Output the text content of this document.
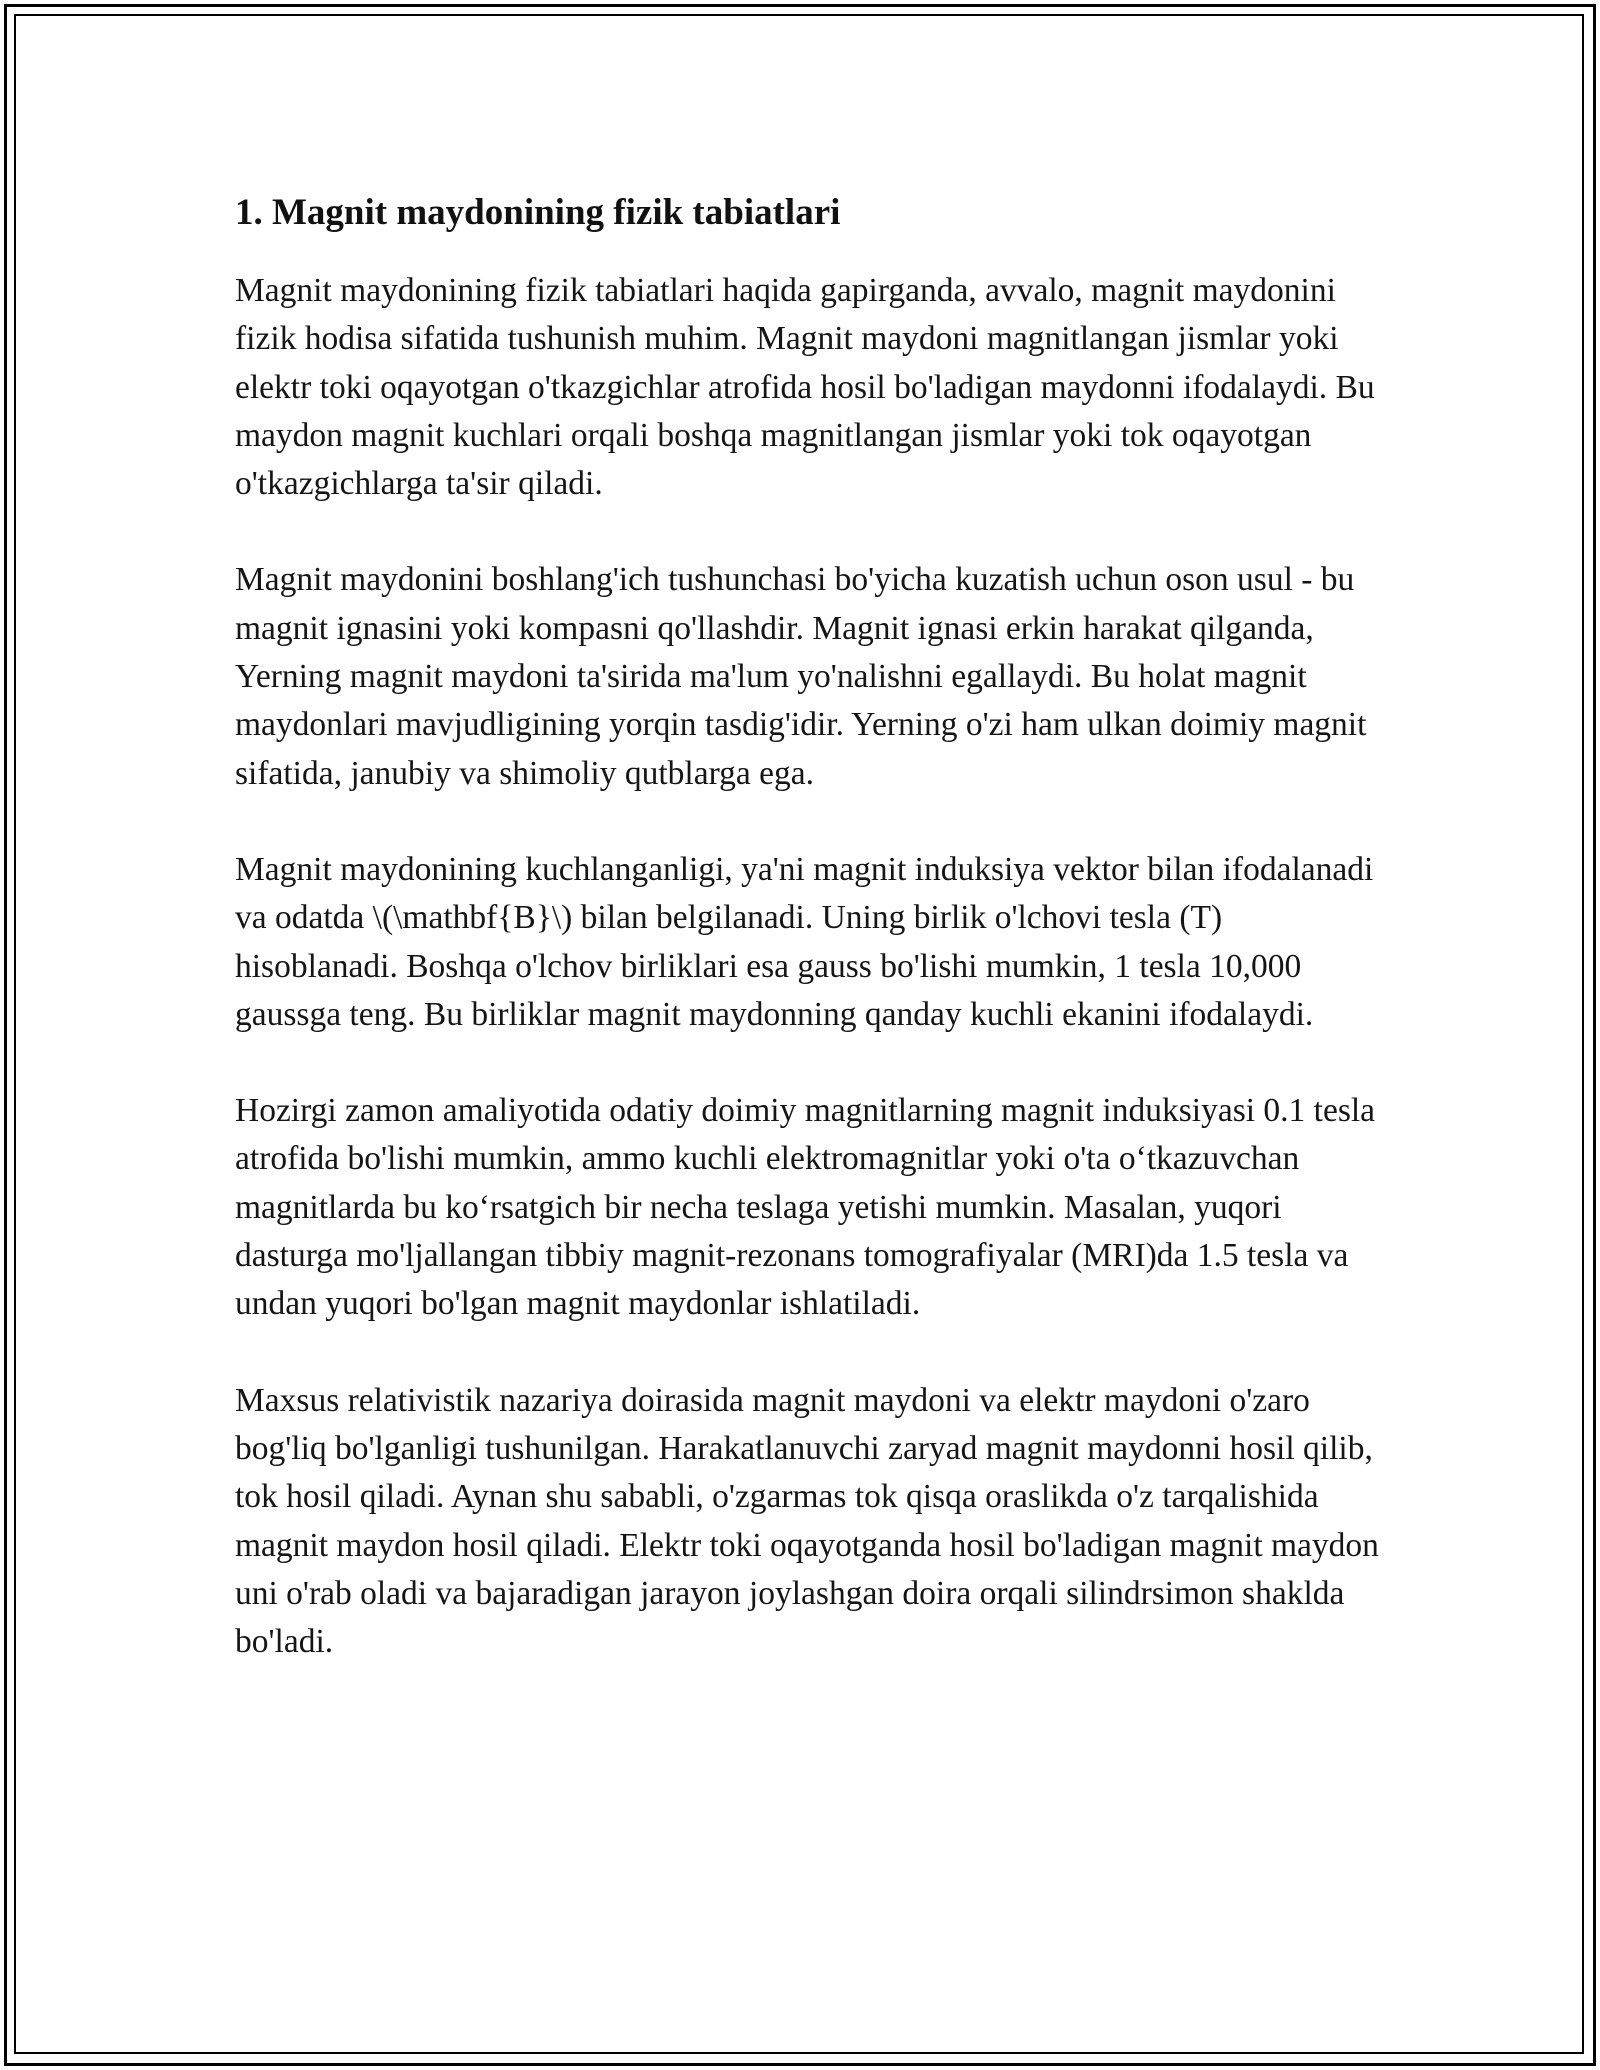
1. Magnit maydonining fizik tabiatlari

Magnit maydonining fizik tabiatlari haqida gapirganda, avvalo, magnit maydonini fizik hodisa sifatida tushunish muhim. Magnit maydoni magnitlangan jismlar yoki elektr toki oqayotgan o'tkazgichlar atrofida hosil bo'ladigan maydonni ifodalaydi. Bu maydon magnit kuchlari orqali boshqa magnitlangan jismlar yoki tok oqayotgan o'tkazgichlarga ta'sir qiladi.

Magnit maydonini boshlang'ich tushunchasi bo'yicha kuzatish uchun oson usul - bu magnit ignasini yoki kompasni qo'llashdir. Magnit ignasi erkin harakat qilganda, Yerning magnit maydoni ta'sirida ma'lum yo'nalishni egallaydi. Bu holat magnit maydonlari mavjudligining yorqin tasdig'idir. Yerning o'zi ham ulkan doimiy magnit sifatida, janubiy va shimoliy qutblarga ega.

Magnit maydonining kuchlanganligi, ya'ni magnit induksiya vektor bilan ifodalanadi va odatda \(\mathbf{B}\) bilan belgilanadi. Uning birlik o'lchovi tesla (T) hisoblanadi. Boshqa o'lchov birliklari esa gauss bo'lishi mumkin, 1 tesla 10,000 gaussga teng. Bu birliklar magnit maydonning qanday kuchli ekanini ifodalaydi.

Hozirgi zamon amaliyotida odatiy doimiy magnitlarning magnit induksiyasi 0.1 tesla atrofida bo'lishi mumkin, ammo kuchli elektromagnitlar yoki o'ta o‘tkazuvchan magnitlarda bu ko‘rsatgich bir necha teslaga yetishi mumkin. Masalan, yuqori dasturga mo'ljallangan tibbiy magnit-rezonans tomografiyalar (MRI)da 1.5 tesla va undan yuqori bo'lgan magnit maydonlar ishlatiladi.

Maxsus relativistik nazariya doirasida magnit maydoni va elektr maydoni o'zaro bog'liq bo'lganligi tushunilgan. Harakatlanuvchi zaryad magnit maydonni hosil qilib, tok hosil qiladi. Aynan shu sababli, o'zgarmas tok qisqa oraslikda o'z tarqalishida magnit maydon hosil qiladi. Elektr toki oqayotganda hosil bo'ladigan magnit maydon uni o'rab oladi va bajaradigan jarayon joylashgan doira orqali silindrsimon shaklda bo'ladi.
